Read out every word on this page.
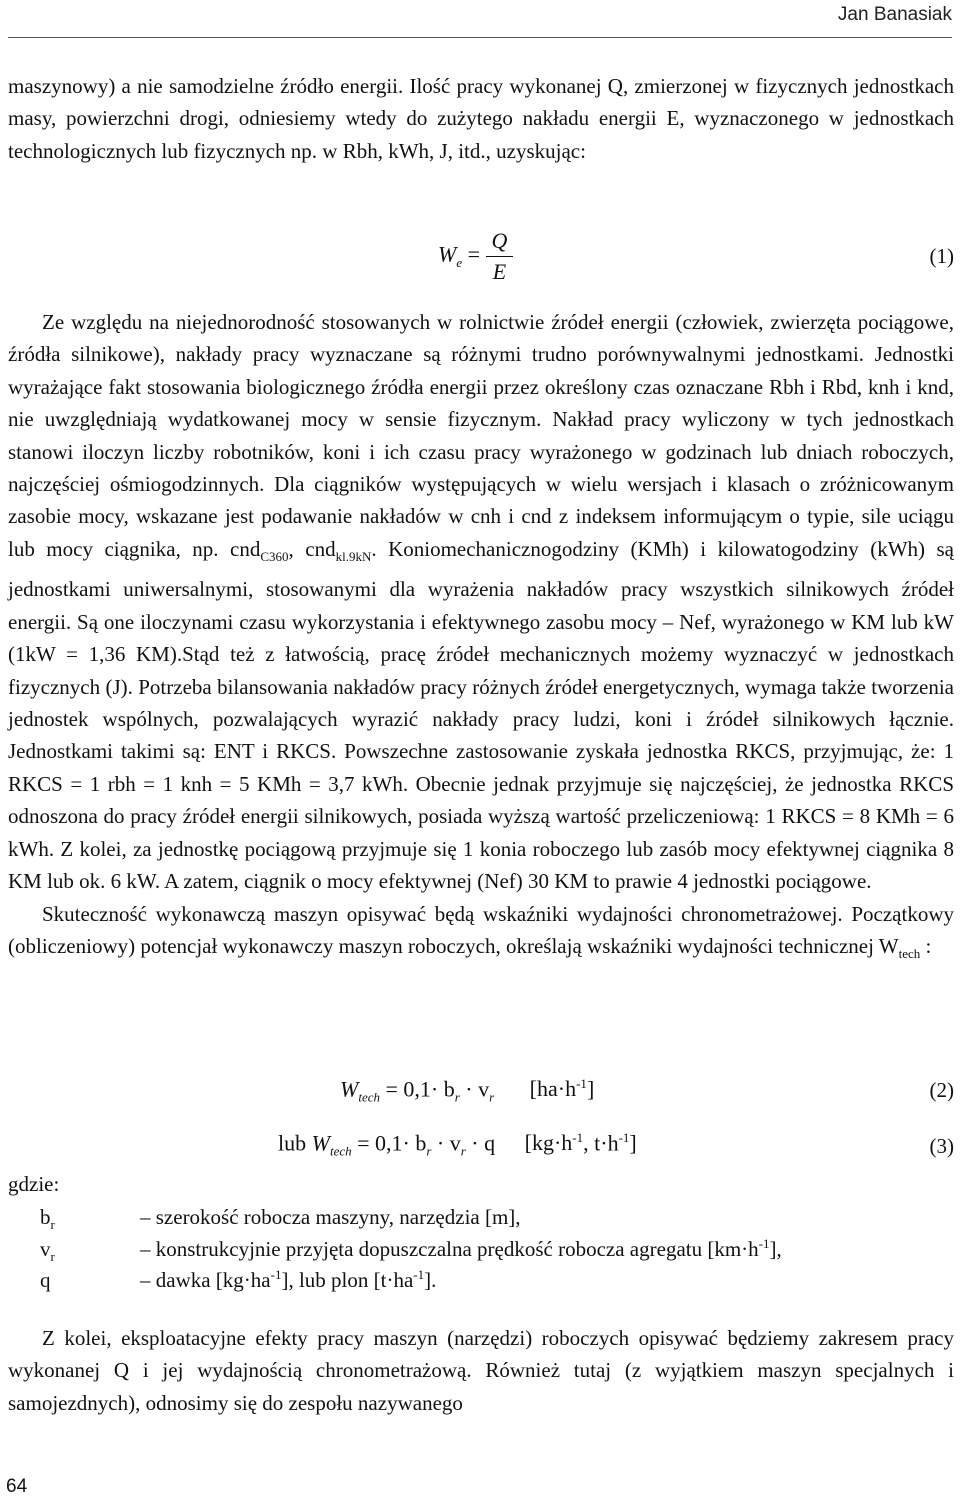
Jan Banasiak

maszynowy) a nie samodzielne źródło energii. Ilość pracy wykonanej Q, zmierzonej w fizycznych jednostkach masy, powierzchni drogi, odniesiemy wtedy do zużytego nakładu energii E, wyznaczonego w jednostkach technologicznych lub fizycznych np. w Rbh, kWh, J, itd., uzyskując:

$W_e = \frac{Q}{E}$	(1)

Ze względu na niejednorodność stosowanych w rolnictwie źródeł energii (człowiek, zwierzęta pociągowe, źródła silnikowe), nakłady pracy wyznaczane są różnymi trudno porównywalnymi jednostkami. Jednostki wyrażające fakt stosowania biologicznego źródła energii przez określony czas oznaczane Rbh i Rbd, knh i knd, nie uwzględniają wydatkowanej mocy w sensie fizycznym. Nakład pracy wyliczony w tych jednostkach stanowi iloczyn liczby robotników, koni i ich czasu pracy wyrażonego w godzinach lub dniach roboczych, najczęściej ośmiogodzinnych. Dla ciągników występujących w wielu wersjach i klasach o zróżnicowanym zasobie mocy, wskazane jest podawanie nakładów w cnh i cnd z indeksem informującym o typie, sile uciągu lub mocy ciągnika, np. cnd$_{C360}$, cnd$_{kl.9kN}$. Koniomechanicznogodziny (KMh) i kilowatogodziny (kWh) są jednostkami uniwersalnymi, stosowanymi dla wyrażenia nakładów pracy wszystkich silnikowych źródeł energii. Są one iloczynami czasu wykorzystania i efektywnego zasobu mocy – Nef, wyrażonego w KM lub kW (1kW = 1,36 KM).Stąd też z łatwością, pracę źródeł mechanicznych możemy wyznaczyć w jednostkach fizycznych (J). Potrzeba bilansowania nakładów pracy różnych źródeł energetycznych, wymaga także tworzenia jednostek wspólnych, pozwalających wyrazić nakłady pracy ludzi, koni i źródeł silnikowych łącznie. Jednostkami takimi są: ENT i RKCS. Powszechne zastosowanie zyskała jednostka RKCS, przyjmując, że: 1 RKCS = 1 rbh = 1 knh = 5 KMh = 3,7 kWh. Obecnie jednak przyjmuje się najczęściej, że jednostka RKCS odnoszona do pracy źródeł energii silnikowych, posiada wyższą wartość przeliczeniową: 1 RKCS = 8 KMh = 6 kWh. Z kolei, za jednostkę pociągową przyjmuje się 1 konia roboczego lub zasób mocy efektywnej ciągnika 8 KM lub ok. 6 kW. A zatem, ciągnik o mocy efektywnej (Nef) 30 KM to prawie 4 jednostki pociągowe.

Skuteczność wykonawczą maszyn opisywać będą wskaźniki wydajności chronometrażowej. Początkowy (obliczeniowy) potencjał wykonawczy maszyn roboczych, określają wskaźniki wydajności technicznej $W_{tech}$ :

$W_{tech} = 0,1\cdot b_r \cdot v_r$ $[ha\cdot h^{-1}]$	(2)
lub $W_{tech} = 0,1\cdot b_r \cdot v_r \cdot q$ [$kg\cdot h^{-1}$, $t\cdot h^{-1}$]	(3)
gdzie:
$b_r$	– szerokość robocza maszyny, narzędzia [m],
$v_r$	– konstrukcyjnie przyjęta dopuszczalna prędkość robocza agregatu $[km\cdot h^{-1}]$,
q	– dawka $[kg\cdot ha^{-1}]$, lub plon $[t\cdot ha^{-1}]$.

Z kolei, eksploatacyjne efekty pracy maszyn (narzędzi) roboczych opisywać będziemy zakresem pracy wykonanej Q i jej wydajnością chronometrażową. Również tutaj (z wyjątkiem maszyn specjalnych i samojezdnych), odnosimy się do zespołu nazywanego

64
